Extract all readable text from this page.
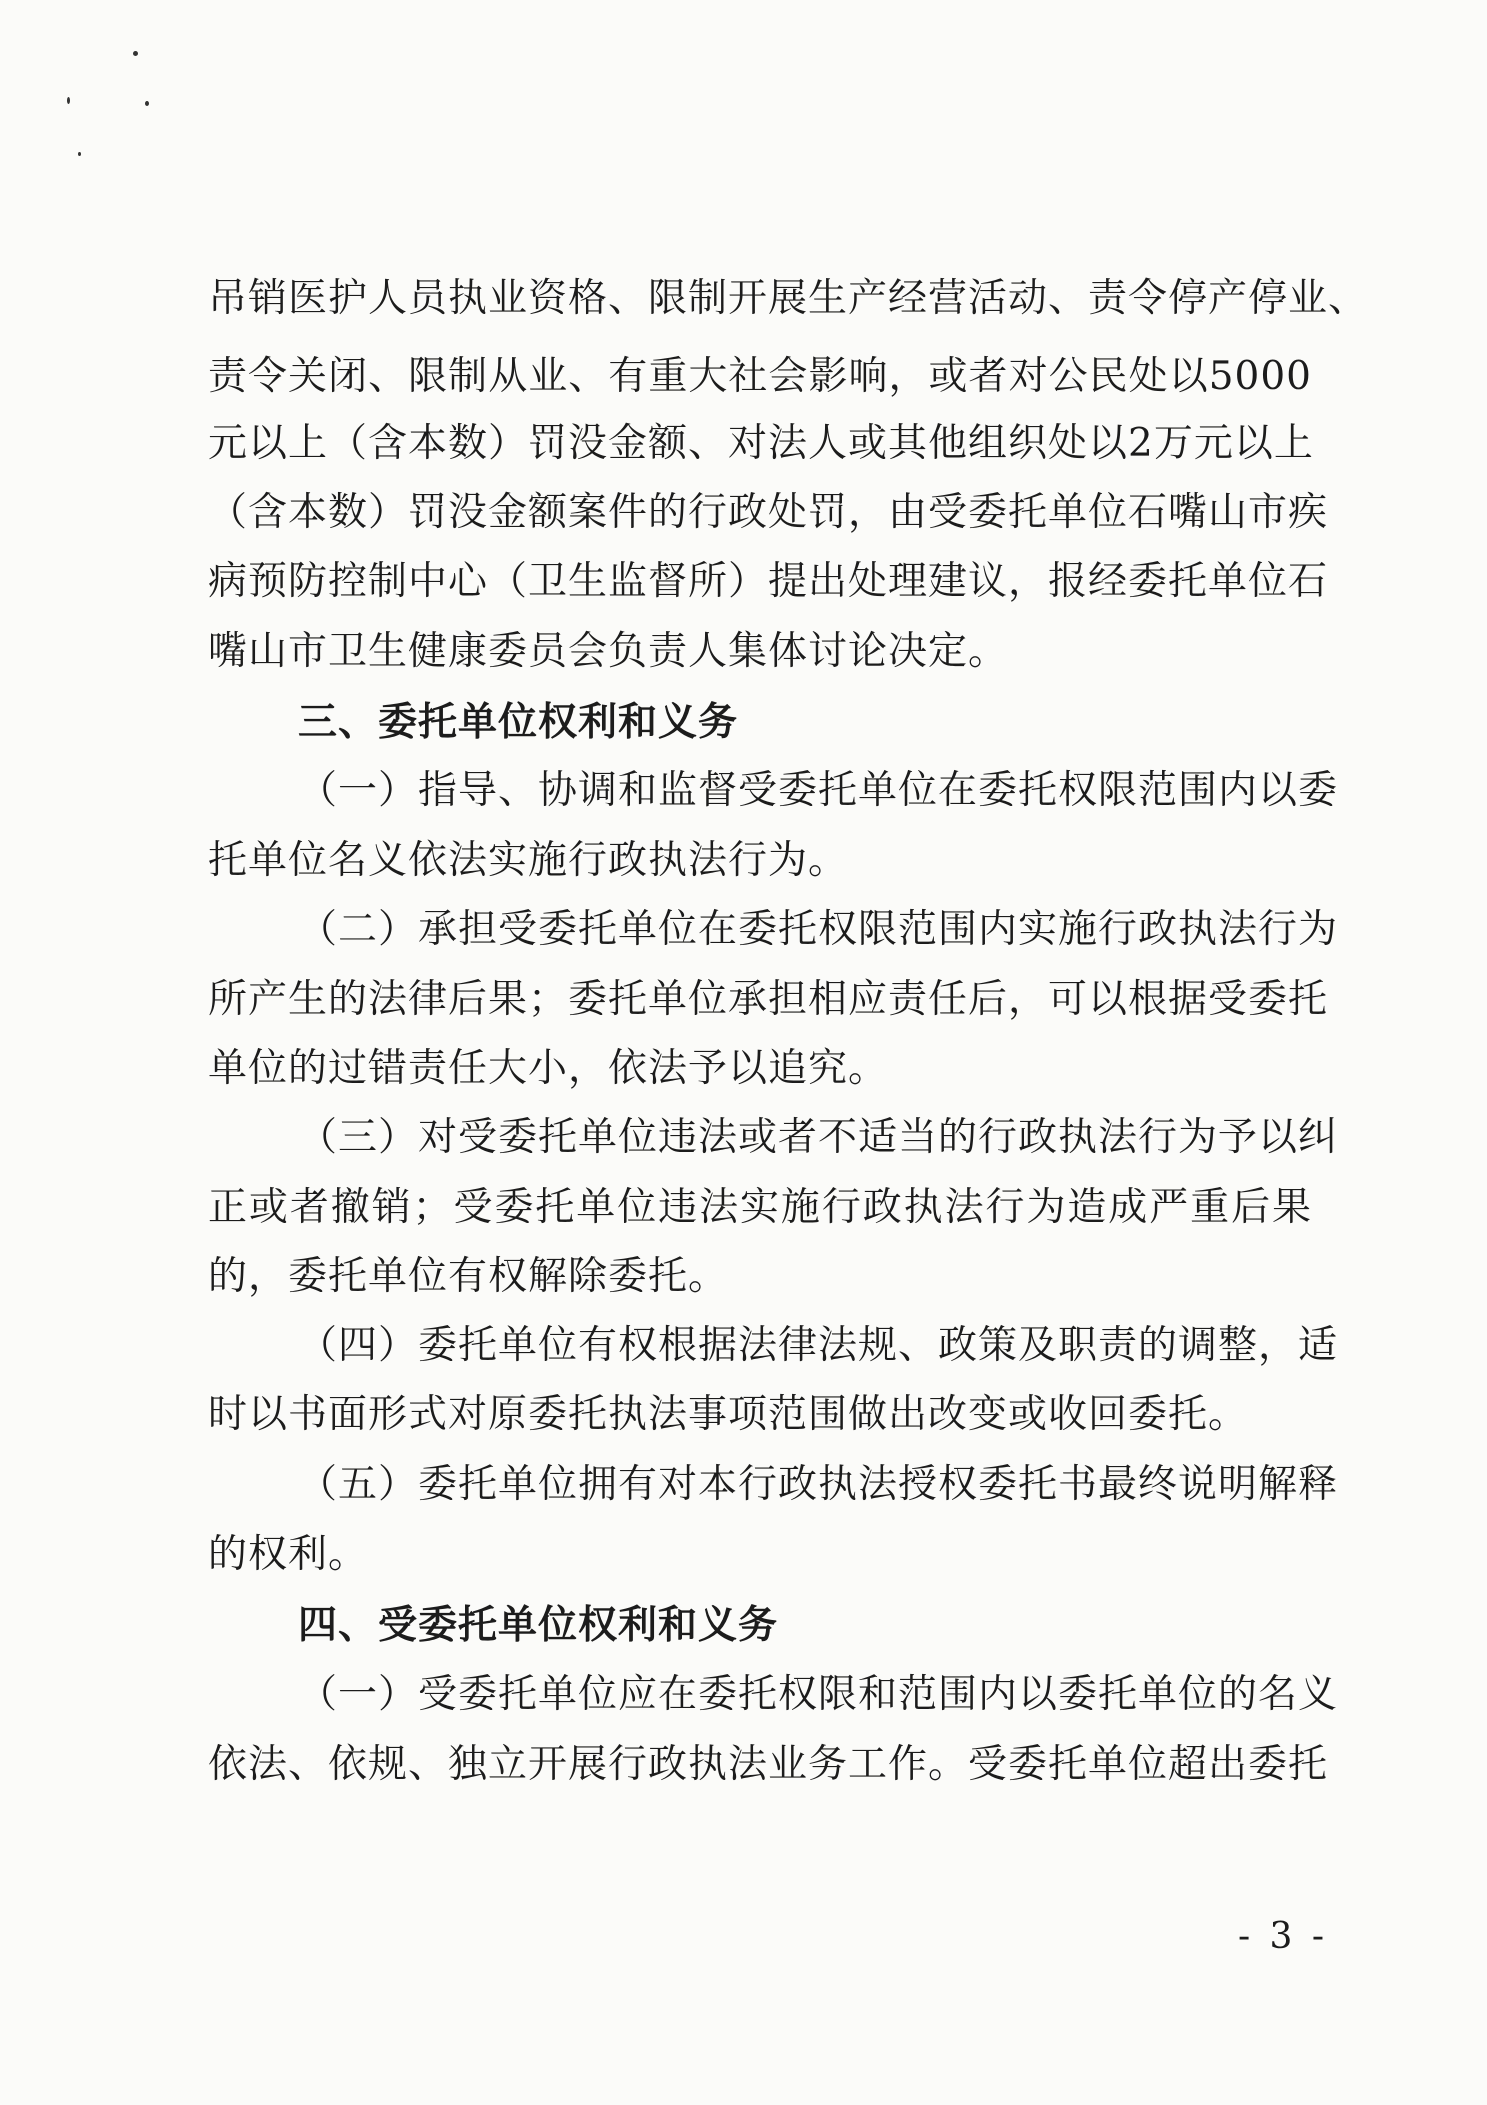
吊销医护人员执业资格、限制开展生产经营活动、责令停产停业、
责令关闭、限制从业、有重大社会影响，或者对公民处以5000
元以上（含本数）罚没金额、对法人或其他组织处以2万元以上
（含本数）罚没金额案件的行政处罚，由受委托单位石嘴山市疾
病预防控制中心（卫生监督所）提出处理建议，报经委托单位石
嘴山市卫生健康委员会负责人集体讨论决定。
三、委托单位权利和义务
（一）指导、协调和监督受委托单位在委托权限范围内以委
托单位名义依法实施行政执法行为。
（二）承担受委托单位在委托权限范围内实施行政执法行为
所产生的法律后果；委托单位承担相应责任后，可以根据受委托
单位的过错责任大小，依法予以追究。
（三）对受委托单位违法或者不适当的行政执法行为予以纠
正或者撤销；受委托单位违法实施行政执法行为造成严重后果
的，委托单位有权解除委托。
（四）委托单位有权根据法律法规、政策及职责的调整，适
时以书面形式对原委托执法事项范围做出改变或收回委托。
（五）委托单位拥有对本行政执法授权委托书最终说明解释
的权利。
四、受委托单位权利和义务
（一）受委托单位应在委托权限和范围内以委托单位的名义
依法、依规、独立开展行政执法业务工作。受委托单位超出委托
- 3 -
